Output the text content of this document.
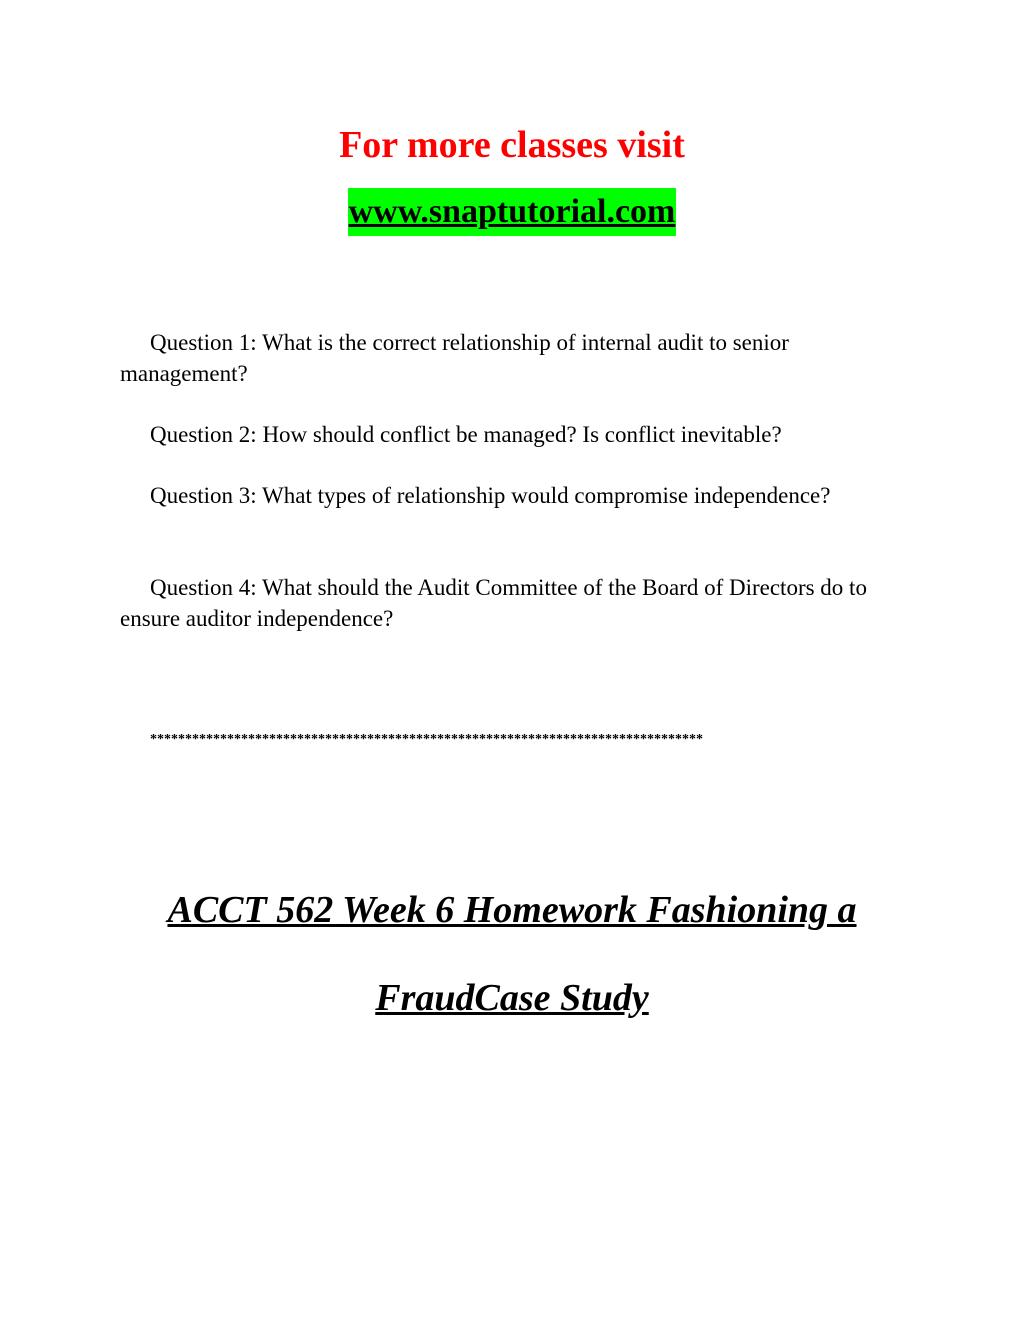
For more classes visit
www.snaptutorial.com

Question 1: What is the correct relationship of internal audit to senior management?

Question 2: How should conflict be managed? Is conflict inevitable?

Question 3: What types of relationship would compromise independence?

Question 4: What should the Audit Committee of the Board of Directors do to ensure auditor independence?

*******************************************************************************
ACCT 562 Week 6 Homework Fashioning a
FraudCase Study
